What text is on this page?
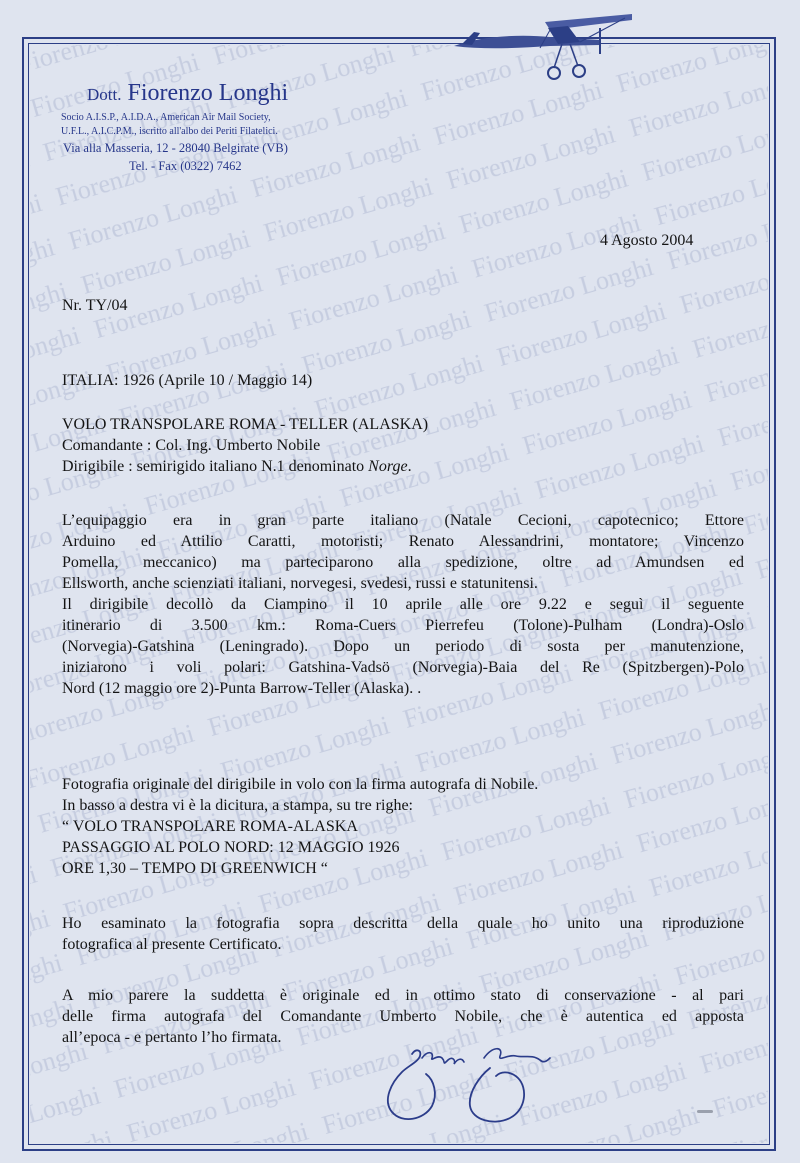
Dott. Fiorenzo Longhi

Socio A.I.S.P., A.I.D.A., American Air Mail Society,

U.F.L., A.I.C.P.M., iscritto all'albo dei Periti Filatelici.

Via alla Masseria, 12 - 28040 Belgirate (VB)

Tel. - Fax (0322) 7462

4 Agosto 2004

Nr. TY/04

ITALIA: 1926 (Aprile 10 / Maggio 14)

VOLO TRANSPOLARE ROMA - TELLER (ALASKA)
Comandante : Col. Ing. Umberto Nobile
Dirigibile : semirigido italiano N.1 denominato Norge.
L’equipaggio era in gran parte italiano (Natale Cecioni, capotecnico; Ettore
Arduino ed Attilio Caratti, motoristi; Renato Alessandrini, montatore; Vincenzo
Pomella, meccanico) ma parteciparono alla spedizione, oltre ad Amundsen ed
Ellsworth, anche scienziati italiani, norvegesi, svedesi, russi e statunitensi.
Il dirigibile decollò da Ciampino il 10 aprile alle ore 9.22 e seguì il seguente
itinerario di 3.500 km.: Roma-Cuers Pierrefeu (Tolone)-Pulham (Londra)-Oslo
(Norvegia)-Gatshina (Leningrado). Dopo un periodo di sosta per manutenzione,
iniziarono i voli polari: Gatshina-Vadsö (Norvegia)-Baia del Re (Spitzbergen)-Polo
Nord (12 maggio ore 2)-Punta Barrow-Teller (Alaska). .
Fotografia originale del dirigibile in volo con la firma autografa di Nobile.
In basso a destra vi è la dicitura, a stampa, su tre righe:
“ VOLO TRANSPOLARE ROMA-ALASKA
PASSAGGIO AL POLO NORD: 12 MAGGIO 1926
ORE 1,30 – TEMPO DI GREENWICH “
Ho esaminato la fotografia sopra descritta della quale ho unito una riproduzione
fotografica al presente Certificato.
A mio parere la suddetta è originale ed in ottimo stato di conservazione - al pari
delle firma autografa del Comandante Umberto Nobile, che è autentica ed apposta
all’epoca - e pertanto l’ho firmata.
